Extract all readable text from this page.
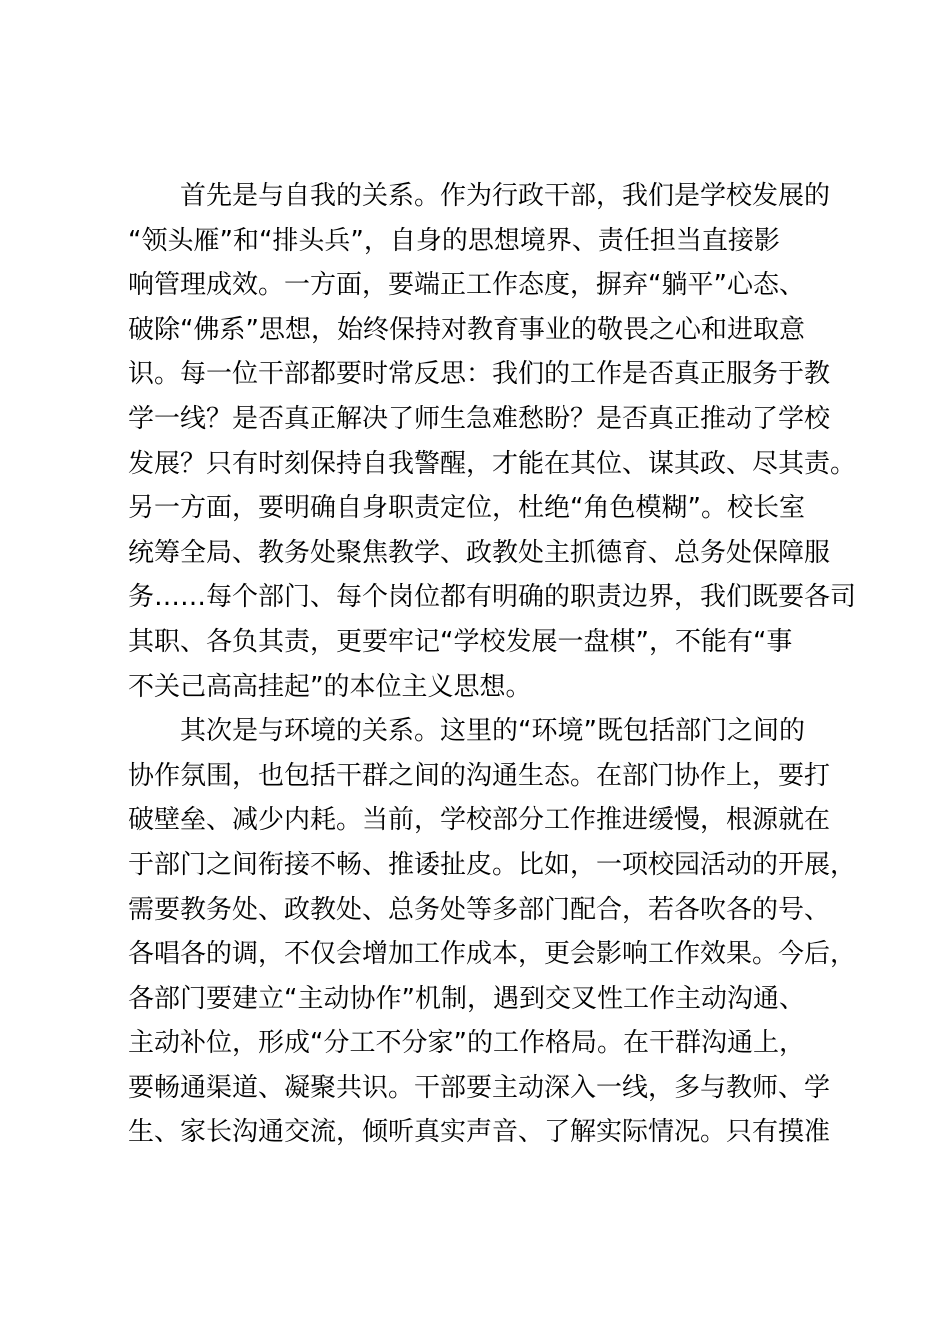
首先是与自我的关系。作为行政干部，我们是学校发展的
“领头雁”和“排头兵”，自身的思想境界、责任担当直接影
响管理成效。一方面，要端正工作态度，摒弃“躺平”心态、
破除“佛系”思想，始终保持对教育事业的敬畏之心和进取意
识。每一位干部都要时常反思：我们的工作是否真正服务于教
学一线？是否真正解决了师生急难愁盼？是否真正推动了学校
发展？只有时刻保持自我警醒，才能在其位、谋其政、尽其责。
另一方面，要明确自身职责定位，杜绝“角色模糊”。校长室
统筹全局、教务处聚焦教学、政教处主抓德育、总务处保障服
务……每个部门、每个岗位都有明确的职责边界，我们既要各司
其职、各负其责，更要牢记“学校发展一盘棋”，不能有“事
不关己高高挂起”的本位主义思想。
其次是与环境的关系。这里的“环境”既包括部门之间的
协作氛围，也包括干群之间的沟通生态。在部门协作上，要打
破壁垒、减少内耗。当前，学校部分工作推进缓慢，根源就在
于部门之间衔接不畅、推诿扯皮。比如，一项校园活动的开展，
需要教务处、政教处、总务处等多部门配合，若各吹各的号、
各唱各的调，不仅会增加工作成本，更会影响工作效果。今后，
各部门要建立“主动协作”机制，遇到交叉性工作主动沟通、
主动补位，形成“分工不分家”的工作格局。在干群沟通上，
要畅通渠道、凝聚共识。干部要主动深入一线，多与教师、学
生、家长沟通交流，倾听真实声音、了解实际情况。只有摸准
